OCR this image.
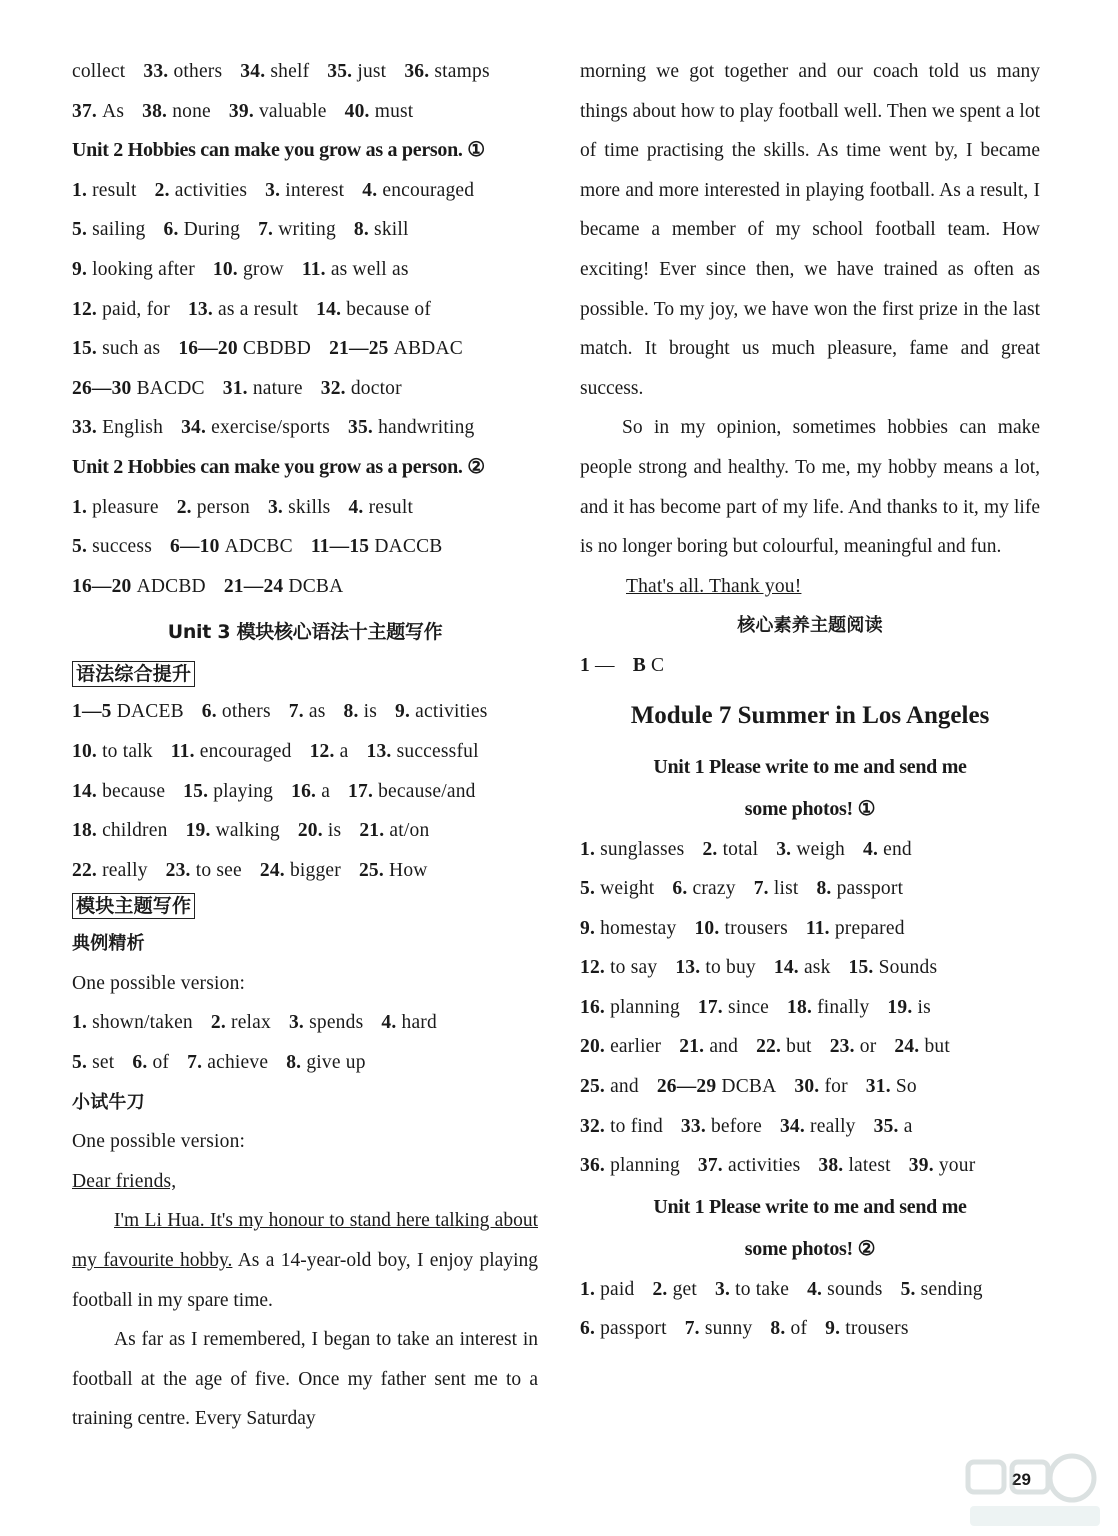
collect 33. others 34. shelf 35. just 36. stamps
37. As 38. none 39. valuable 40. must
Unit 2 Hobbies can make you grow as a person. ①
1. result 2. activities 3. interest 4. encouraged
5. sailing 6. During 7. writing 8. skill
9. looking after 10. grow 11. as well as
12. paid, for 13. as a result 14. because of
15. such as 16—20 CBDBD 21—25 ABDAC
26—30 BACDC 31. nature 32. doctor
33. English 34. exercise/sports 35. handwriting
Unit 2 Hobbies can make you grow as a person. ②
1. pleasure 2. person 3. skills 4. result
5. success 6—10 ADCBC 11—15 DACCB
16—20 ADCBD 21—24 DCBA
Unit 3 模块核心语法十主题写作
语法综合提升
1—5 DACEB 6. others 7. as 8. is 9. activities
10. to talk 11. encouraged 12. a 13. successful
14. because 15. playing 16. a 17. because/and
18. children 19. walking 20. is 21. at/on
22. really 23. to see 24. bigger 25. How
模块主题写作
典例精析
One possible version:
1. shown/taken 2. relax 3. spends 4. hard
5. set 6. of 7. achieve 8. give up
小试牛刀
One possible version:
Dear friends,
I'm Li Hua. It's my honour to stand here talking about my favourite hobby. As a 14-year-old boy, I enjoy playing football in my spare time.
As far as I remembered, I began to take an interest in football at the age of five. Once my father sent me to a training centre. Every Saturday
morning we got together and our coach told us many things about how to play football well. Then we spent a lot of time practising the skills. As time went by, I became more and more interested in playing football. As a result, I became a member of my school football team. How exciting! Ever since then, we have trained as often as possible. To my joy, we have won the first prize in the last match. It brought us much pleasure, fame and great success.
So in my opinion, sometimes hobbies can make people strong and healthy. To me, my hobby means a lot, and it has become part of my life. And thanks to it, my life is no longer boring but colourful, meaningful and fun.
That's all. Thank you!
核心素养主题阅读
1 — B C
Module 7 Summer in Los Angeles
Unit 1 Please write to me and send me
some photos! ①
1. sunglasses 2. total 3. weigh 4. end
5. weight 6. crazy 7. list 8. passport
9. homestay 10. trousers 11. prepared
12. to say 13. to buy 14. ask 15. Sounds
16. planning 17. since 18. finally 19. is
20. earlier 21. and 22. but 23. or 24. but
25. and 26—29 DCBA 30. for 31. So
32. to find 33. before 34. really 35. a
36. planning 37. activities 38. latest 39. your
Unit 1 Please write to me and send me
some photos! ②
1. paid 2. get 3. to take 4. sounds 5. sending
6. passport 7. sunny 8. of 9. trousers
29
